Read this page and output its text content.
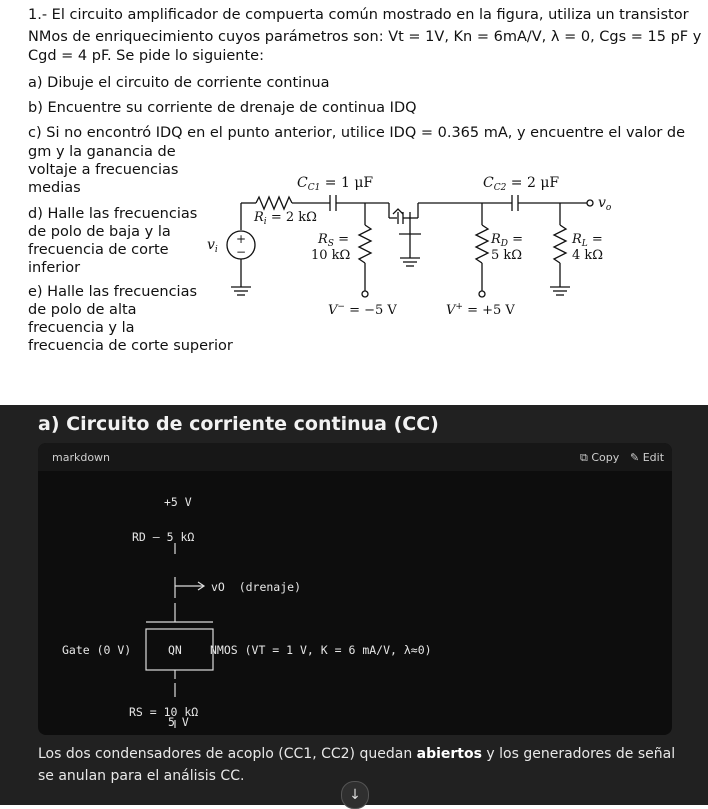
1.- El circuito amplificador de compuerta común mostrado en la figura, utiliza un transistor

NMos de enriquecimiento cuyos parámetros son: Vt = 1V, Kn = 6mA/V, λ = 0, Cgs = 15 pF y

Cgd = 4 pF. Se pide lo siguiente:

a) Dibuje el circuito de corriente continua

b) Encuentre su corriente de drenaje de continua IDQ

c) Si no encontró IDQ en el punto anterior, utilice IDQ = 0.365 mA, y encuentre el valor de

gm y la ganancia de

voltaje a frecuencias

medias

d) Halle las frecuencias

de polo de baja y la

frecuencia de corte

inferior

e) Halle las frecuencias

de polo de alta

frecuencia y la

frecuencia de corte superior

$C_{C1} = 1$ μF	$C_{C2} = 2$ μF
$v_o$
$R_i = 2$ kΩ
$v_i$
+
−
$R_S$ =
10 kΩ
$R_D$ =
5 kΩ
$R_L$ =
4 kΩ
V− = −5 V	V+ = +5 V
a) Circuito de corriente continua (CC)
markdown	⧉ Copy ✎ Edit
+5 V
RD – 5 kΩ
vO  (drenaje)
Gate (0 V)	QN NMOS (VT = 1 V, K = 6 mA/V, λ≈0)
RS = 10 kΩ
5 V

Los dos condensadores de acoplo (CC1, CC2) quedan abiertos y los generadores de señal se anulan para el análisis CC.

↓
